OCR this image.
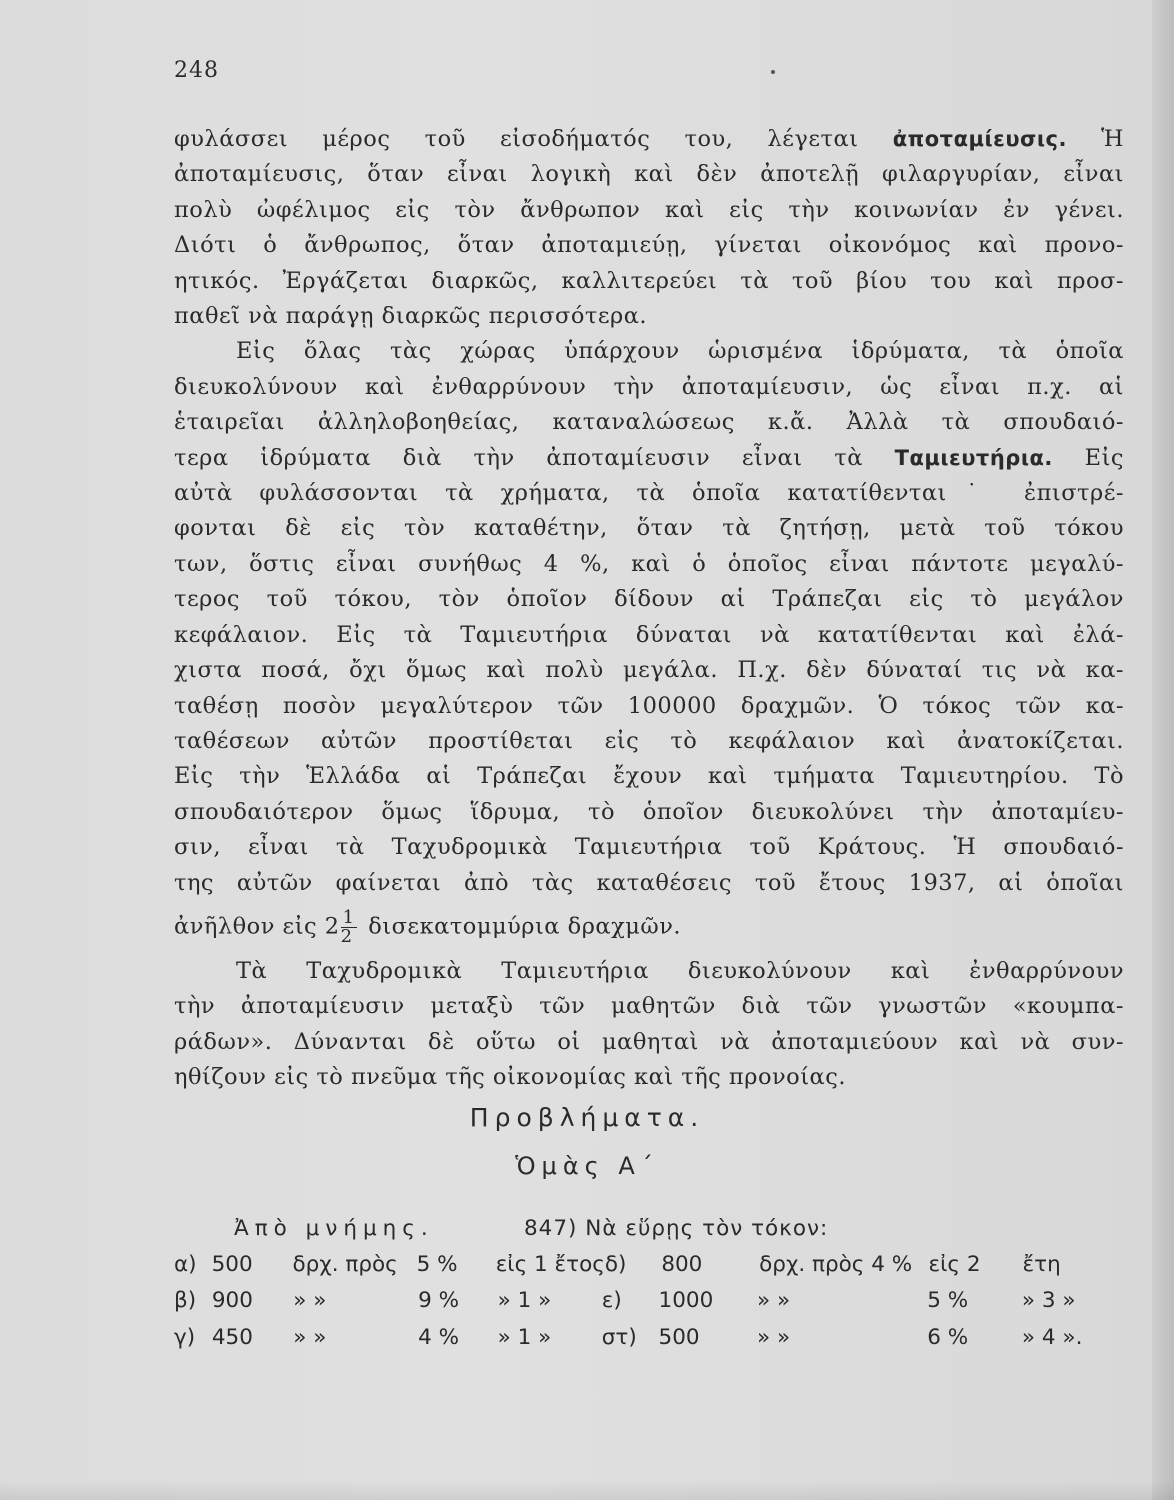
248
φυλάσσει μέρος τοῦ εἰσοδήματός του, λέγεται ἀποταμίευσις. Ἡ
ἀποταμίευσις, ὅταν εἶναι λογικὴ καὶ δὲν ἀποτελῇ φιλαργυρίαν, εἶναι
πολὺ ὠφέλιμος εἰς τὸν ἄνθρωπον καὶ εἰς τὴν κοινωνίαν ἐν γένει.
Διότι ὁ ἄνθρωπος, ὅταν ἀποταμιεύῃ, γίνεται οἰκονόμος καὶ προνο-
ητικός. Ἐργάζεται διαρκῶς, καλλιτερεύει τὰ τοῦ βίου του καὶ προσ-
παθεῖ νὰ παράγῃ διαρκῶς περισσότερα.
Εἰς ὅλας τὰς χώρας ὑπάρχουν ὡρισμένα ἱδρύματα, τὰ ὁποῖα
διευκολύνουν καὶ ἐνθαρρύνουν τὴν ἀποταμίευσιν, ὡς εἶναι π.χ. αἱ
ἑταιρεῖαι ἀλληλοβοηθείας, καταναλώσεως κ.ἄ. Ἀλλὰ τὰ σπουδαιό-
τερα ἱδρύματα διὰ τὴν ἀποταμίευσιν εἶναι τὰ Ταμιευτήρια. Εἰς
αὐτὰ φυλάσσονται τὰ χρήματα, τὰ ὁποῖα κατατίθενται˙ ἐπιστρέ-
φονται δὲ εἰς τὸν καταθέτην, ὅταν τὰ ζητήσῃ, μετὰ τοῦ τόκου
των, ὅστις εἶναι συνήθως 4 %, καὶ ὁ ὁποῖος εἶναι πάντοτε μεγαλύ-
τερος τοῦ τόκου, τὸν ὁποῖον δίδουν αἱ Τράπεζαι εἰς τὸ μεγάλον
κεφάλαιον. Εἰς τὰ Ταμιευτήρια δύναται νὰ κατατίθενται καὶ ἐλά-
χιστα ποσά, ὄχι ὅμως καὶ πολὺ μεγάλα. Π.χ. δὲν δύναταί τις νὰ κα-
ταθέσῃ ποσὸν μεγαλύτερον τῶν 100000 δραχμῶν. Ὁ τόκος τῶν κα-
ταθέσεων αὐτῶν προστίθεται εἰς τὸ κεφάλαιον καὶ ἀνατοκίζεται.
Εἰς τὴν Ἑλλάδα αἱ Τράπεζαι ἔχουν καὶ τμήματα Ταμιευτηρίου. Τὸ
σπουδαιότερον ὅμως ἵδρυμα, τὸ ὁποῖον διευκολύνει τὴν ἀποταμίευ-
σιν, εἶναι τὰ Ταχυδρομικὰ Ταμιευτήρια τοῦ Κράτους. Ἡ σπουδαιό-
της αὐτῶν φαίνεται ἀπὸ τὰς καταθέσεις τοῦ ἔτους 1937, αἱ ὁποῖαι
ἀνῆλθον εἰς $2 \frac{1}{2}$ δισεκατομμύρια δραχμῶν.
Τὰ Ταχυδρομικὰ Ταμιευτήρια διευκολύνουν καὶ ἐνθαρρύνουν
τὴν ἀποταμίευσιν μεταξὺ τῶν μαθητῶν διὰ τῶν γνωστῶν «κουμπα-
ράδων». Δύνανται δὲ οὕτω οἱ μαθηταὶ νὰ ἀποταμιεύουν καὶ νὰ συν-
ηθίζουν εἰς τὸ πνεῦμα τῆς οἰκονομίας καὶ τῆς προνοίας.
Προβλήματα.
Ὁμὰς Α΄
Ἀπὸ μνήμης.	847) Νὰ εὕρῃς τὸν τόκον:
α) 500	δρχ. πρὸς 5 %	εἰς 1 ἔτος δ)	800	δρχ. πρὸς 4 % εἰς 2	ἔτη
β) 900	» »	9 %	» 1 »	ε)	1000	» »	5 %	» 3 »
γ) 450	» »	4 %	» 1 »	στ)	500	» »	6 %	» 4 ».
